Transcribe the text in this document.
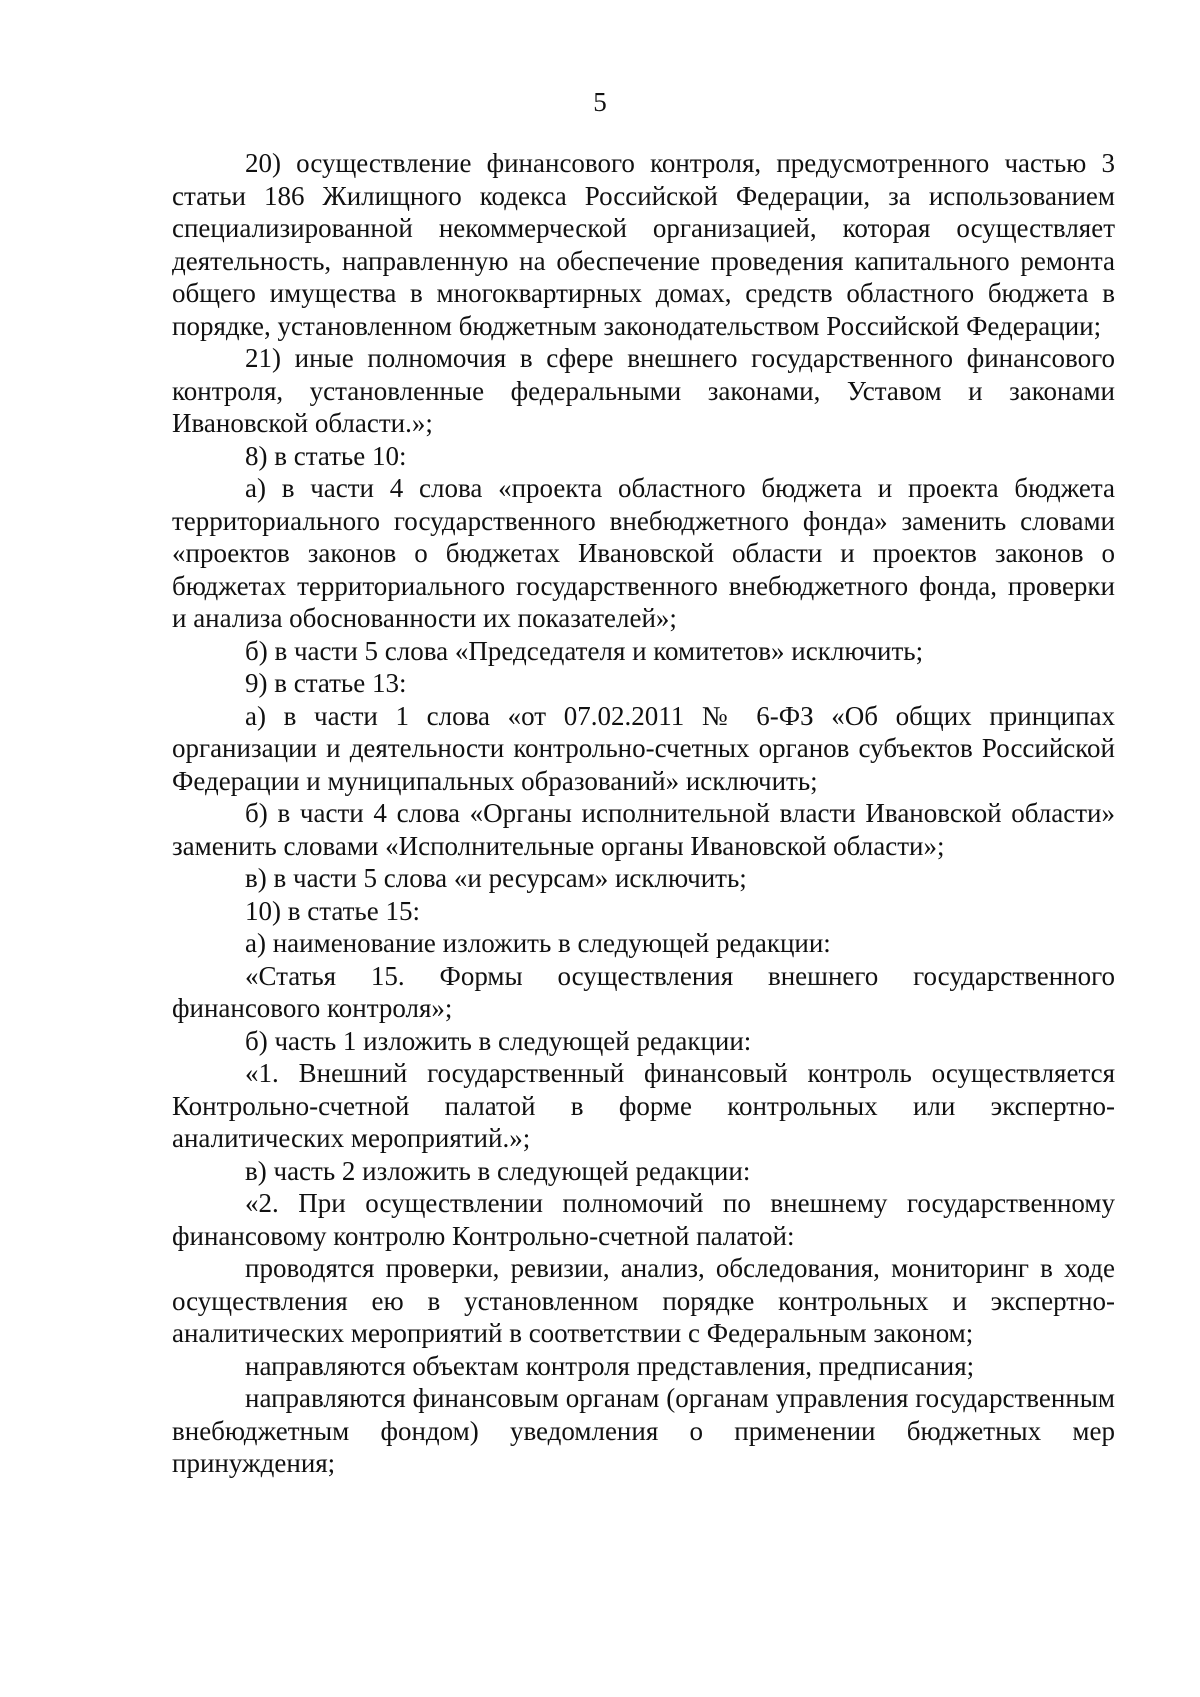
5

20) осуществление финансового контроля, предусмотренного частью 3 статьи 186 Жилищного кодекса Российской Федерации, за использованием специализированной некоммерческой организацией, которая осуществляет деятельность, направленную на обеспечение проведения капитального ремонта общего имущества в многоквартирных домах, средств областного бюджета в порядке, установленном бюджетным законодательством Российской Федерации;

21) иные полномочия в сфере внешнего государственного финансового контроля, установленные федеральными законами, Уставом и законами Ивановской области.»;

8) в статье 10:

а) в части 4 слова «проекта областного бюджета и проекта бюджета территориального государственного внебюджетного фонда» заменить словами «проектов законов о бюджетах Ивановской области и проектов законов о бюджетах территориального государственного внебюджетного фонда, проверки и анализа обоснованности их показателей»;

б) в части 5 слова «Председателя и комитетов» исключить;

9) в статье 13:

а) в части 1 слова «от 07.02.2011 № 6-ФЗ «Об общих принципах организации и деятельности контрольно-счетных органов субъектов Российской Федерации и муниципальных образований» исключить;

б) в части 4 слова «Органы исполнительной власти Ивановской области» заменить словами «Исполнительные органы Ивановской области»;

в) в части 5 слова «и ресурсам» исключить;

10) в статье 15:

а) наименование изложить в следующей редакции:

«Статья 15. Формы осуществления внешнего государственного финансового контроля»;

б) часть 1 изложить в следующей редакции:

«1. Внешний государственный финансовый контроль осуществляется Контрольно-счетной палатой в форме контрольных или экспертно-аналитических мероприятий.»;

в) часть 2 изложить в следующей редакции:

«2. При осуществлении полномочий по внешнему государственному финансовому контролю Контрольно-счетной палатой:

проводятся проверки, ревизии, анализ, обследования, мониторинг в ходе осуществления ею в установленном порядке контрольных и экспертно-аналитических мероприятий в соответствии с Федеральным законом;

направляются объектам контроля представления, предписания;

направляются финансовым органам (органам управления государственным внебюджетным фондом) уведомления о применении бюджетных мер принуждения;
